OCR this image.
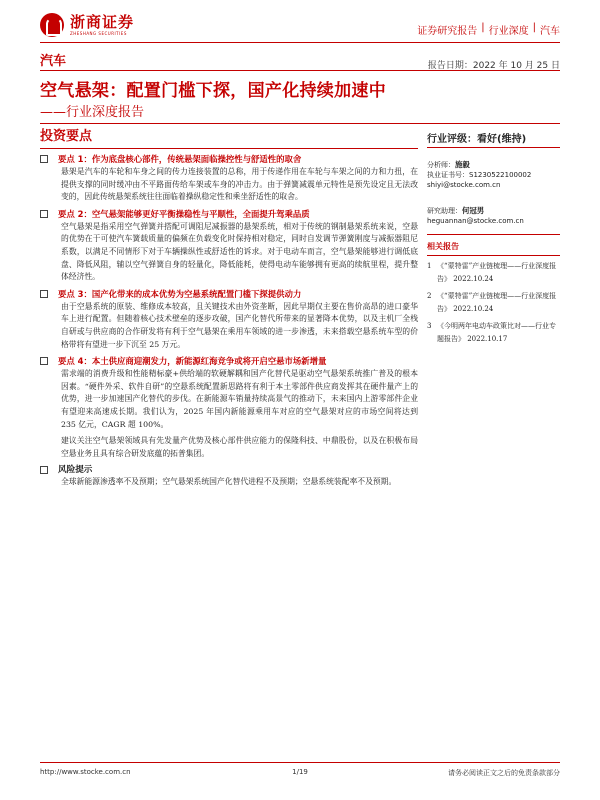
浙商证券
ZHESHANG SECURITIES	证券研究报告 | 行业深度 | 汽车
汽车	报告日期：2022 年 10 月 25 日
空气悬架：配置门槛下探，国产化持续加速中
——行业深度报告
投资要点
要点 1：作为底盘核心部件，传统悬架面临操控性与舒适性的取舍
悬架是汽车的车轮和车身之间的传力连接装置的总称，用于传递作用在车轮与车架之间的力和力扭，在提供支撑的同时缓冲由不平路面传给车架或车身的冲击力。由于弹簧减震单元特性是预先设定且无法改变的，因此传统悬架系统往往面临着操纵稳定性和乘坐舒适性的取舍。
要点 2：空气悬架能够更好平衡操稳性与平顺性，全面提升驾乘品质
空气悬架是指采用空气弹簧并搭配可调阻尼减振器的悬架系统，相对于传统的钢制悬架系统来说，空悬的优势在于可使汽车簧载质量的偏频在负载变化时保持相对稳定，同时自发调节弹簧刚度与减振器阻尼系数，以满足不同情形下对于车辆操纵性或舒适性的诉求。对于电动车而言，空气悬架能够进行调低底盘、降低风阻，辅以空气弹簧自身的轻量化，降低能耗，使得电动车能够拥有更高的续航里程，提升整体经济性。
要点 3：国产化带来的成本优势为空悬系统配置门槛下探提供动力
由于空悬系统的原装、维修成本较高，且关键技术由外资垄断，因此早期仅主要在售价高昂的进口豪华车上进行配置。但随着核心技术壁垒的逐步攻破，国产化替代所带来的显著降本优势，以及主机厂全栈自研或与供应商的合作研发将有利于空气悬架在乘用车领域的进一步渗透，未来搭载空悬系统车型的价格带将有望进一步下沉至 25 万元。
要点 4：本土供应商迎潮发力，新能源红海竞争或将开启空悬市场新增量
需求端的消费升级和性能精标豪+供给端的软硬解耦和国产化替代是驱动空气悬架系统推广普及的根本因素。“硬件外采、软件自研”的空悬系统配置新思路将有利于本土零部件供应商发挥其在硬件量产上的优势，进一步加速国产化替代的步伐。在新能源车销量持续高景气的推动下，未来国内上游零部件企业有望迎来高速成长期。我们认为，2025 年国内新能源乘用车对应的空气悬架对应的市场空间将达到 235 亿元，CAGR 超 100%。
建议关注空气悬架领域具有先发量产优势及核心部件供应能力的保隆科技、中鼎股份，以及在积极布局空悬业务且具有综合研发底蕴的拓普集团。
风险提示
全球新能源渗透率不及预期；空气悬架系统国产化替代进程不及预期；空悬系统装配率不及预期。
行业评级：看好(维持)
分析师：施毅
执业证书号：S1230522100002
shiyi@stocke.com.cn
研究助理：何冠男
heguannan@stocke.com.cn
相关报告
1 《“蒙特雷”产业链梳理——行业深度报告》 2022.10.24
2 《“蒙特雷”产业链梳理——行业深度报告》 2022.10.24
3 《今明两年电动车政策比对——行业专题报告》 2022.10.17
http://www.stocke.com.cn	1/19	请务必阅读正文之后的免责条款部分
